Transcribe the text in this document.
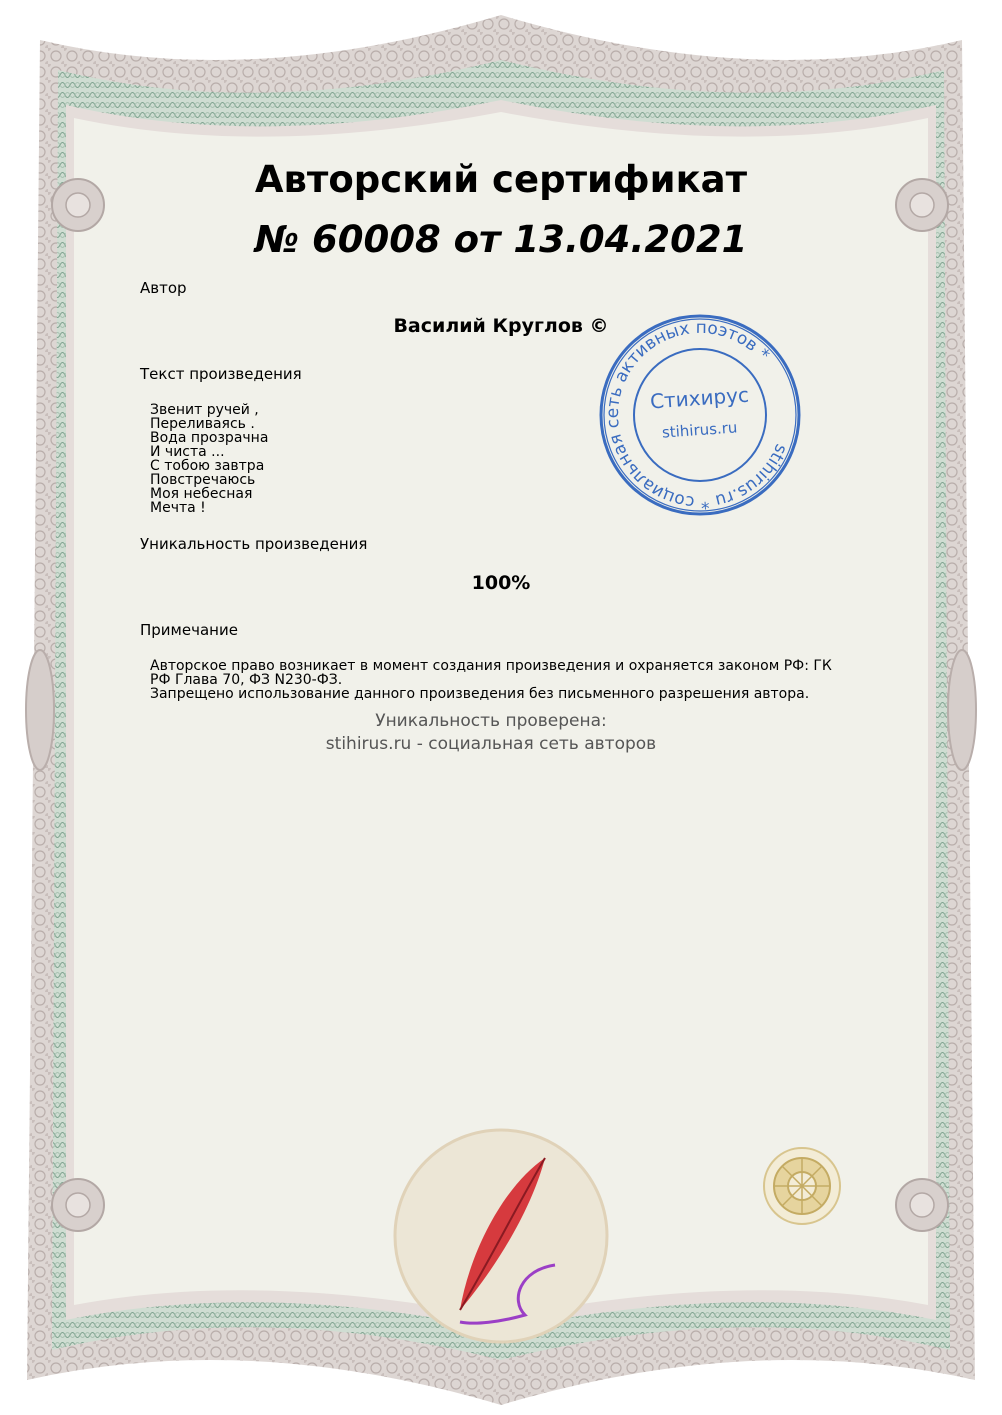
Авторский сертификат
№ 60008 от 13.04.2021
Автор
Василий Круглов ©
Текст произведения
Звенит ручей ,
Переливаясь .
Вода прозрачна
И чиста ...
С тобою завтра
Повстречаюсь
Моя небесная
Мечта !
Уникальность произведения
100%
Примечание
Авторское право возникает в момент создания произведения и охраняется законом РФ: ГК
РФ Глава 70, ФЗ N230-ФЗ.
Запрещено использование данного произведения без письменного разрешения автора.
Уникальность проверена:
stihirus.ru - социальная сеть авторов
stihirus.ru * социальная сеть активных поэтов *
Стихирус
stihirus.ru
